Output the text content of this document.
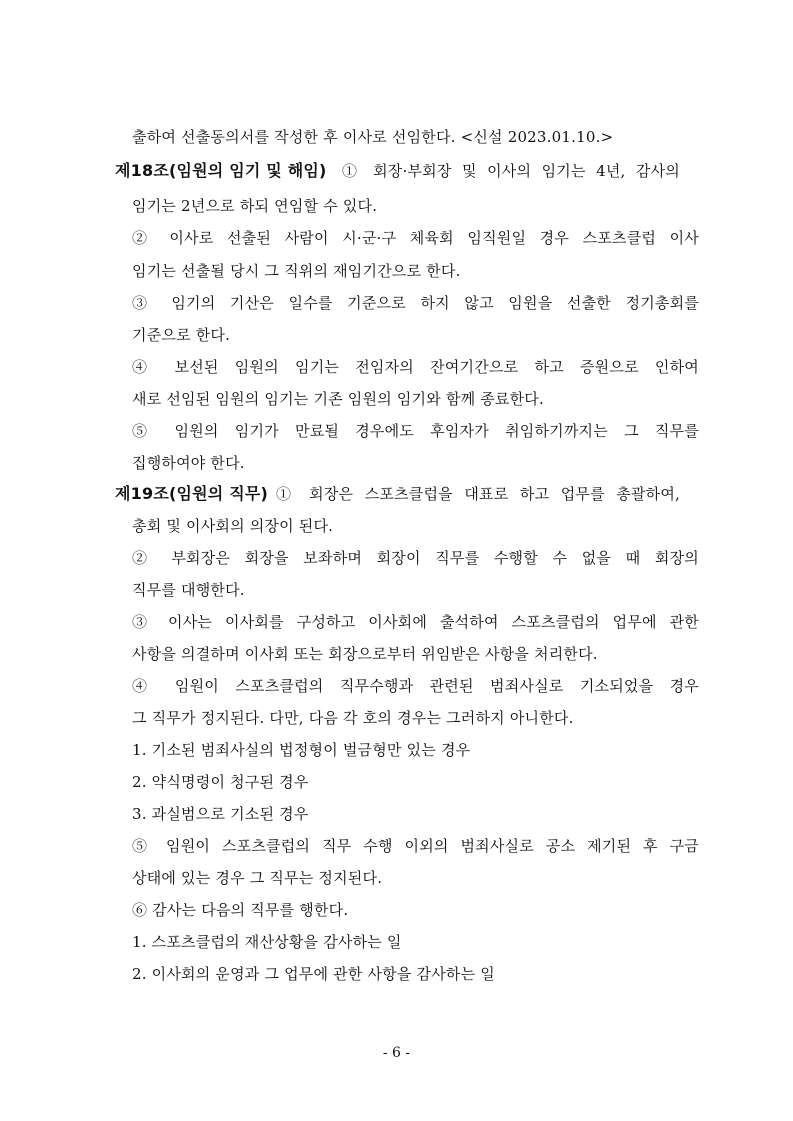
출하여 선출동의서를 작성한 후 이사로 선임한다. <신설 2023.01.10.>
제18조(임원의 임기 및 해임) ① 회장·부회장 및 이사의 임기는 4년, 감사의
임기는 2년으로 하되 연임할 수 있다.
② 이사로 선출된 사람이 시·군·구 체육회 임직원일 경우 스포츠클럽 이사
임기는 선출될 당시 그 직위의 재임기간으로 한다.
③ 임기의 기산은 일수를 기준으로 하지 않고 임원을 선출한 정기총회를
기준으로 한다.
④ 보선된 임원의 임기는 전임자의 잔여기간으로 하고 증원으로 인하여
새로 선임된 임원의 임기는 기존 임원의 임기와 함께 종료한다.
⑤ 임원의 임기가 만료될 경우에도 후임자가 취임하기까지는 그 직무를
집행하여야 한다.
제19조(임원의 직무) ① 회장은 스포츠클럽을 대표로 하고 업무를 총괄하여,
총회 및 이사회의 의장이 된다.
② 부회장은 회장을 보좌하며 회장이 직무를 수행할 수 없을 때 회장의
직무를 대행한다.
③ 이사는 이사회를 구성하고 이사회에 출석하여 스포츠클럽의 업무에 관한
사항을 의결하며 이사회 또는 회장으로부터 위임받은 사항을 처리한다.
④ 임원이 스포츠클럽의 직무수행과 관련된 범죄사실로 기소되었을 경우
그 직무가 정지된다. 다만, 다음 각 호의 경우는 그러하지 아니한다.
1. 기소된 범죄사실의 법정형이 벌금형만 있는 경우
2. 약식명령이 청구된 경우
3. 과실범으로 기소된 경우
⑤ 임원이 스포츠클럽의 직무 수행 이외의 범죄사실로 공소 제기된 후 구금
상태에 있는 경우 그 직무는 정지된다.
⑥ 감사는 다음의 직무를 행한다.
1. 스포츠클럽의 재산상황을 감사하는 일
2. 이사회의 운영과 그 업무에 관한 사항을 감사하는 일
- 6 -
